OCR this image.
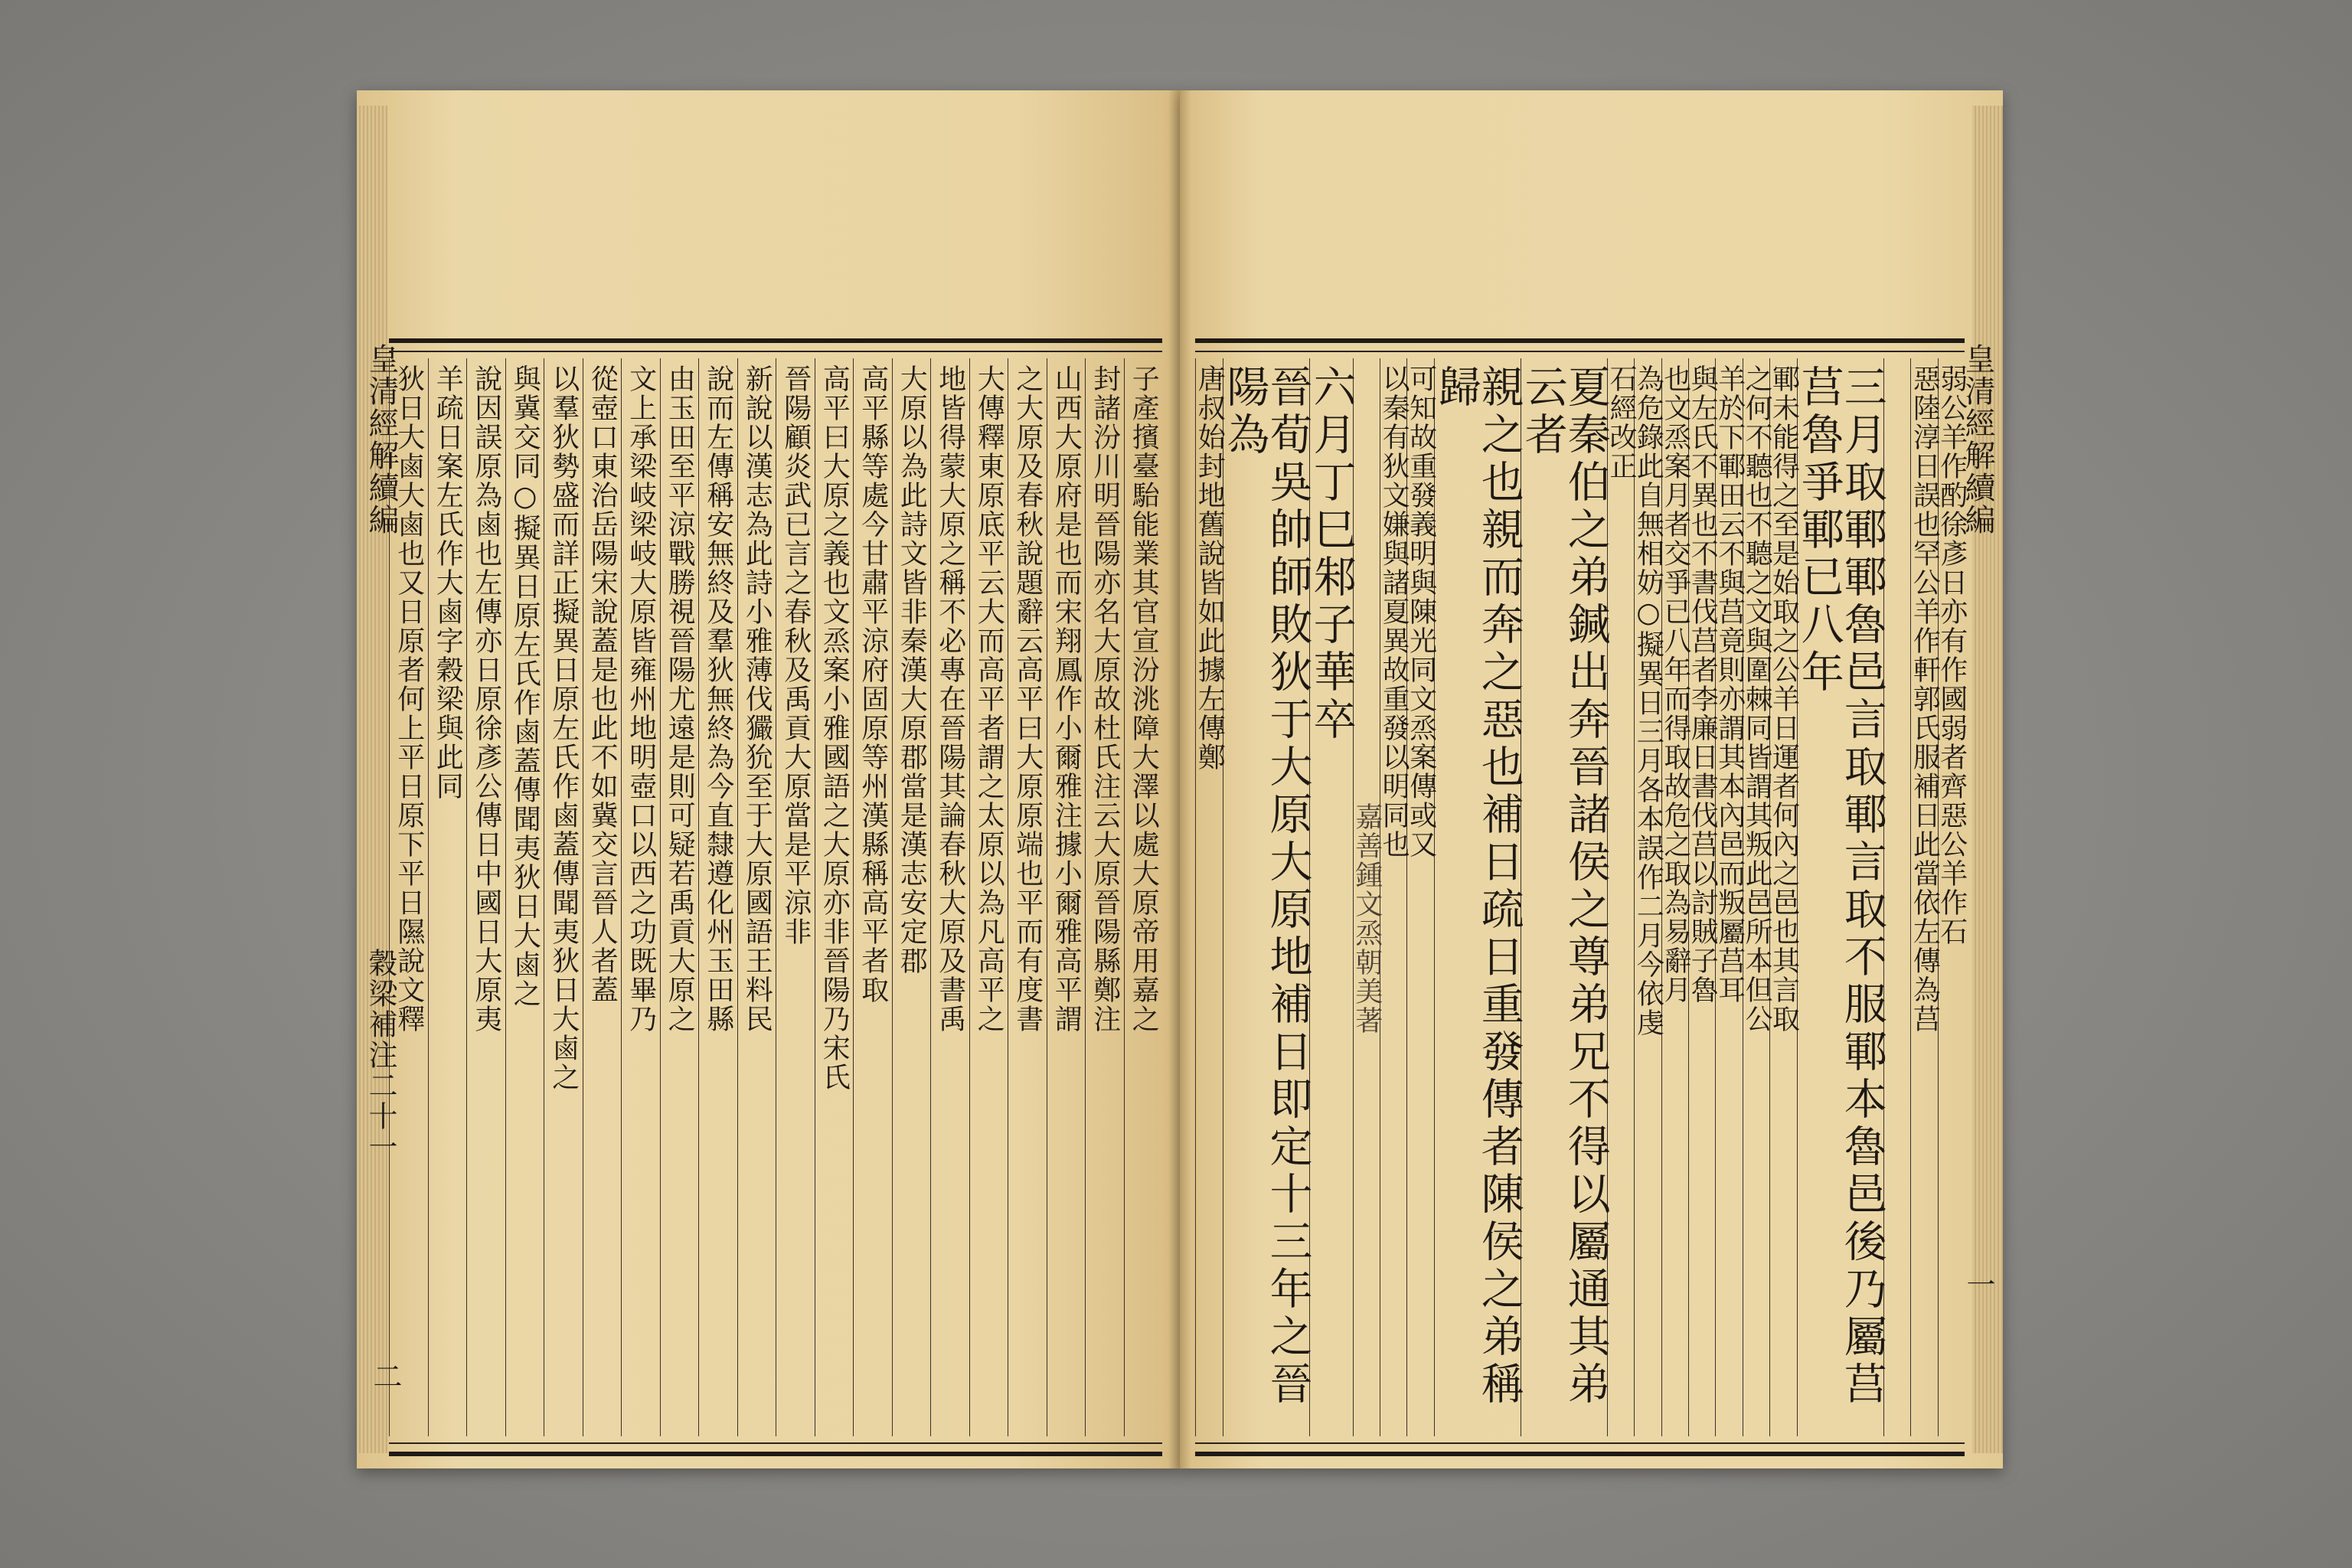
皇清經解續編	子產擯臺駘能業其官宣汾洮障大澤以處大原帝用嘉之
封諸汾川明晉陽亦名大原故杜氏注云大原晉陽縣鄭注
山西大原府是也而宋翔鳳作小爾雅注據小爾雅高平謂
之大原及春秋說題辭云高平曰大原原端也平而有度書
大傳釋東原底平云大而高平者謂之太原以為凡高平之
地皆得蒙大原之稱不必專在晉陽其論春秋大原及書禹
大原以為此詩文皆非秦漢大原郡當是漢志安定郡
高平縣等處今甘肅平涼府固原等州漢縣稱高平者取
高平曰大原之義也文烝案小雅國語之大原亦非晉陽乃宋氏
晉陽顧炎武已言之春秋及禹貢大原當是平涼非
新說以漢志為此詩小雅薄伐玁狁至于大原國語王料民
說而左傳稱安無終及羣狄無終為今直隸遵化州玉田縣
由玉田至平涼戰勝視晉陽尤遠是則可疑若禹貢大原之
文上承梁岐梁岐大原皆雍州地明壺口以西之功既畢乃
從壺口東治岳陽宋說蓋是也此不如冀交言晉人者蓋
以羣狄勢盛而詳正擬異日原左氏作鹵蓋傳聞夷狄日大鹵之
與冀交同○擬異日原左氏作鹵蓋傳聞夷狄日大鹵之
說因誤原為鹵也左傳亦日原徐彥公傳日中國日大原夷
羊疏日案左氏作大鹵字穀梁與此同
狄日大鹵大鹵也又日原者何上平日原下平日隰說文釋
穀梁補注二十一
二
皇清經解續編
弱公羊作酌徐彥日亦有作國弱者齊惡公羊作石
惡陸淳日誤也罕公羊作軒郭氏服補日此當依左傳為莒
三月取鄆鄆魯邑言取鄆言取不服鄆本魯邑後乃屬莒莒魯爭鄆已八年
鄆未能得之至是始取之公羊日運者何內之邑也其言取
之何不聽也不聽之文與圍棘同皆謂其叛此邑所本但公
羊於下鄆田云不與莒竟則亦謂其本內邑而叛屬莒耳
與左氏不異也不書伐莒者李廉日書伐莒以討賊子魯
也文烝案月者交爭已八年而得取故危之取為易辭月
為危錄此自無相妨○擬異日三月各本誤作二月今依虔
石經改正
夏秦伯之弟鍼出奔晉諸侯之尊弟兄不得以屬通其弟云者
親之也親而奔之惡也補日疏日重發傳者陳侯之弟稱歸
可知故重發義明與陳光同文烝案傳或又
以秦有狄文嫌與諸夏異故重發以明同也
嘉善鍾文烝朝美著
六月丁巳邾子華卒
晉荀吳帥師敗狄于大原大原地補日即定十三年之晉陽為
唐叔始封地舊說皆如此據左傳鄭
一
